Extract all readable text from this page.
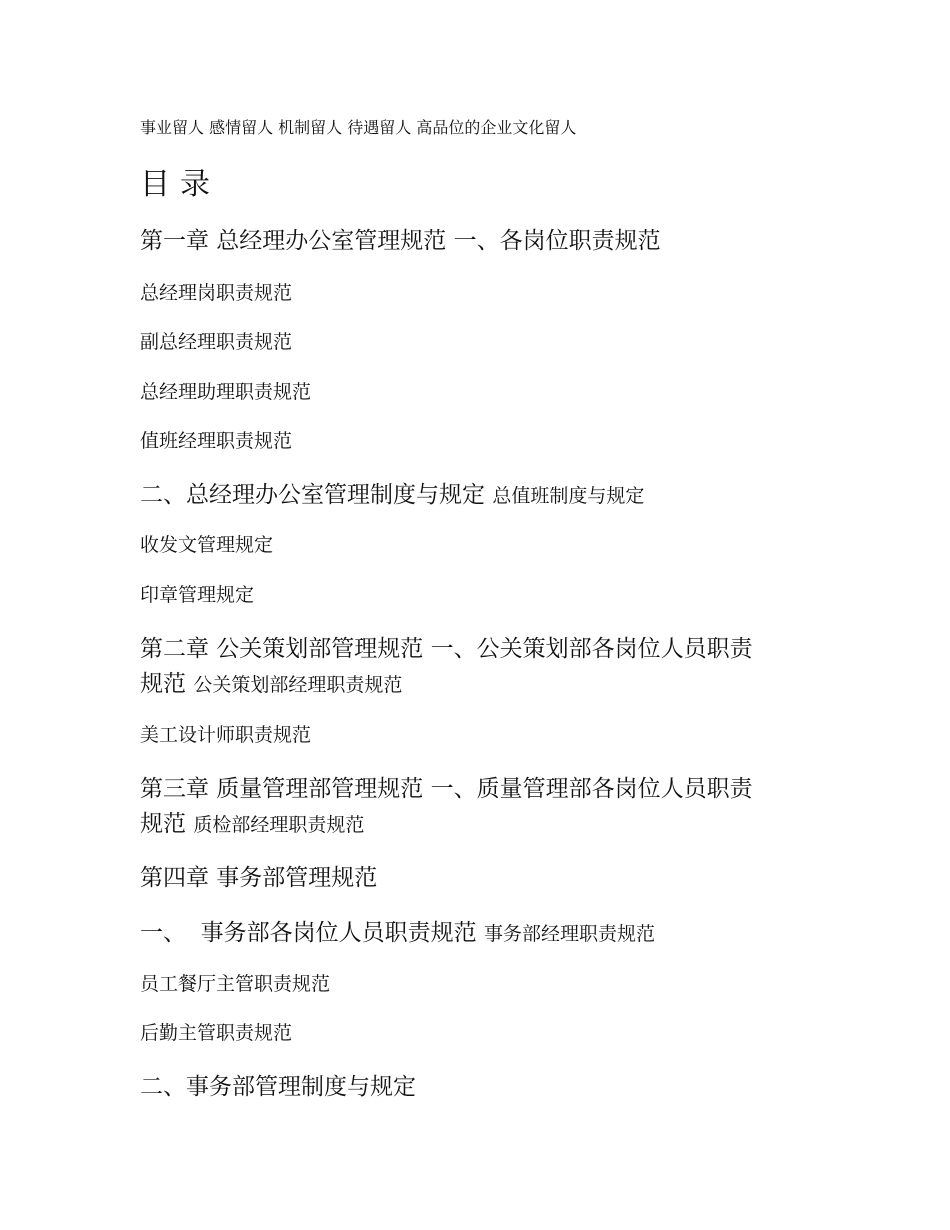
事业留人 感情留人 机制留人 待遇留人 高品位的企业文化留人
目录
第一章 总经理办公室管理规范 一、各岗位职责规范
总经理岗职责规范
副总经理职责规范
总经理助理职责规范
值班经理职责规范
二、总经理办公室管理制度与规定 总值班制度与规定
收发文管理规定
印章管理规定
第二章 公关策划部管理规范 一、公关策划部各岗位人员职责
规范 公关策划部经理职责规范
美工设计师职责规范
第三章 质量管理部管理规范 一、质量管理部各岗位人员职责
规范 质检部经理职责规范
第四章 事务部管理规范
一、  事务部各岗位人员职责规范 事务部经理职责规范
员工餐厅主管职责规范
后勤主管职责规范
二、事务部管理制度与规定
